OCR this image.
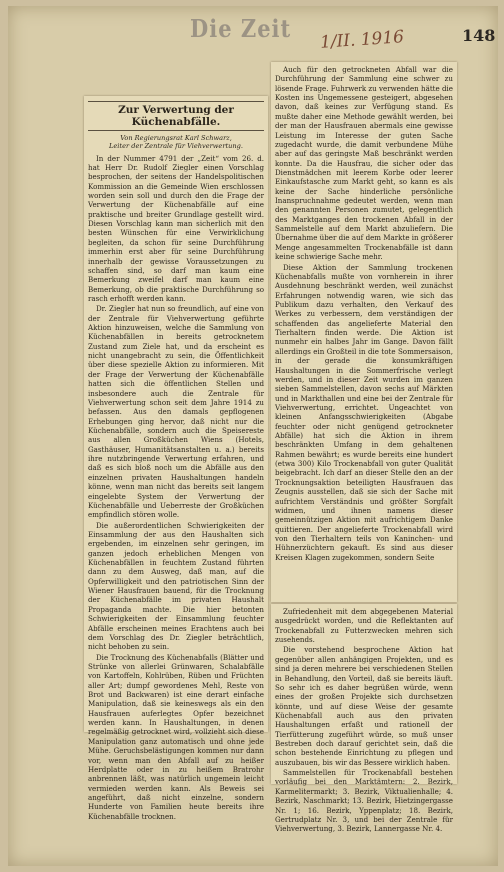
Die Zeit 1/II. 1916	148
Zur Verwertung der Küchenabfälle.
Von Regierungsrat Karl Schwarz,
Leiter der Zentrale für Viehverwertung.

In der Nummer 4791 der „Zeit“ vom 26. d. hat Herr Dr. Rudolf Ziegler einen Vorschlag besprochen, der seitens der Handelspolitischen Kommission an die Gemeinde Wien erschlossen worden sein soll und durch den die Frage der Verwertung der Küchenabfälle auf eine praktische und breiter Grundlage gestellt wird. Diesen Vorschlag kann man sicherlich mit den besten Wünschen für eine Verwirklichung begleiten, da schon für seine Durchführung immerhin erst aber für seine Durchführung innerhalb der gewisse Voraussetzungen zu schaffen sind, so darf man kaum eine Bemerkung zweifel darf man kaum eine Bemerkung, ob die praktische Durchführung so rasch erhofft werden kann.

Dr. Ziegler hat nun so freundlich, auf eine von der Zentrale für Viehverwertung geführte Aktion hinzuweisen, welche die Sammlung von Küchenabfällen in bereits getrocknetem Zustand zum Ziele hat, und da erscheint es nicht unangebracht zu sein, die Öffentlichkeit über diese spezielle Aktion zu informieren. Mit der Frage der Verwertung der Küchenabfälle hatten sich die öffentlichen Stellen und insbesondere auch die Zentrale für Viehverwertung schon seit dem Jahre 1914 zu befassen. Aus den damals gepflogenen Erhebungen ging hervor, daß nicht nur die Küchenabfälle, sondern auch die Speisereste aus allen Großküchen Wiens (Hotels, Gasthäuser, Humanitätsanstalten u. a.) bereits ihre nutzbringende Verwertung erfahren, und daß es sich bloß noch um die Abfälle aus den einzelnen privaten Haushaltungen handeln könne, wenn man nicht das bereits seit langem eingelebte System der Verwertung der Küchenabfälle und Ueberreste der Großküchen empfindlich stören wolle.

Die außerordentlichen Schwierigkeiten der Einsammlung der aus den Haushalten sich ergebenden, im einzelnen sehr geringen, im ganzen jedoch erheblichen Mengen von Küchenabfällen in feuchtem Zustand führten dann zu dem Ausweg, daß man, auf die Opferwilligkeit und den patriotischen Sinn der Wiener Hausfrauen bauend, für die Trocknung der Küchenabfälle im privaten Haushalt Propaganda machte. Die hier betonten Schwierigkeiten der Einsammlung feuchter Abfälle erscheinen meines Erachtens auch bei dem Vorschlag des Dr. Ziegler beträchtlich, nicht behoben zu sein.

Die Trocknung des Küchenabfalls (Blätter und Strünke von allerlei Grünwaren, Schalabfälle von Kartoffeln, Kohlrüben, Rüben und Früchten aller Art; dumpf gewordenes Mehl, Reste von Brot und Backwaren) ist eine derart einfache Manipulation, daß sie keineswegs als ein den Hausfrauen auferlegtes Opfer bezeichnet werden kann. In Haushaltungen, in denen regelmäßig getrocknet wird, vollzieht sich diese Manipulation ganz automatisch und ohne jede Mühe. Geruchsbelästigungen kommen nur dann vor, wenn man den Abfall auf zu heißer Herdplatte oder in zu heißem Bratrohr anbrennen läßt, was natürlich ungemein leicht vermieden werden kann. Als Beweis sei angeführt, daß nicht einzelne, sondern Hunderte von Familien heute bereits ihre Küchenabfälle trocknen.

Auch für den getrockneten Abfall war die Durchführung der Sammlung eine schwer zu lösende Frage. Fuhrwerk zu verwenden hätte die Kosten ins Ungemessene gesteigert, abgesehen davon, daß keines zur Verfügung stand. Es mußte daher eine Methode gewählt werden, bei der man der Hausfrauen abermals eine gewisse Leistung im Interesse der guten Sache zugedacht wurde, die damit verbundene Mühe aber auf das geringste Maß beschränkt werden konnte. Da die Hausfrau, die sicher oder das Dienstmädchen mit leerem Korbe oder leerer Einkaufstasche zum Markt geht, so kann es als keine der Sache hinderliche persönliche Inanspruchnahme gedeutet werden, wenn man den genannten Personen zumutet, gelegentlich des Marktganges den trockenen Abfall in der Sammelstelle auf dem Markt abzuliefern. Die Übernahme über die auf dem Markte in größerer Menge angesammelten Trockenabfälle ist dann keine schwierige Sache mehr.

Diese Aktion der Sammlung trockenen Küchenabfalls mußte von vornherein in ihrer Ausdehnung beschränkt werden, weil zunächst Erfahrungen notwendig waren, wie sich das Publikum dazu verhalten, den Verkauf des Werkes zu verbessern, dem verständigen der schaffenden das angelieferte Material den Tierhaltern finden werde. Die Aktion ist nunmehr ein halbes Jahr im Gange. Davon fällt allerdings ein Großteil in die tote Sommersaison, in der gerade die konsumkräftigen Haushaltungen in die Sommerfrische verlegt werden, und in dieser Zeit wurden im ganzen sieben Sammelstellen, davon sechs auf Märkten und in Markthallen und eine bei der Zentrale für Viehverwertung, errichtet. Ungeachtet von kleinen Anfangsschwierigkeiten (Abgabe feuchter oder nicht genügend getrockneter Abfälle) hat sich die Aktion in ihrem beschränkten Umfang in dem gehaltenen Rahmen bewährt; es wurde bereits eine hundert (etwa 300) Kilo Trockenabfall von guter Qualität beigebracht. Ich darf an dieser Stelle den an der Trocknungsaktion beteiligten Hausfrauen das Zeugnis ausstellen, daß sie sich der Sache mit aufrichtem Verständnis und größter Sorgfalt widmen, und ihnen namens dieser gemeinnützigen Aktion mit aufrichtigem Danke quittieren. Der angelieferte Trockenabfall wird von den Tierhaltern teils von Kaninchen- und Hühnerzüchtern gekauft. Es sind aus dieser Kreisen Klagen zugekommen, sondern Seite

Zufriedenheit mit dem abgegebenen Material ausgedrückt worden, und die Reflektanten auf Trockenabfall zu Futterzwecken mehren sich zusehends.

Die vorstehend besprochene Aktion hat gegenüber allen anhängigen Projekten, und es sind ja deren mehrere bei verschiedenen Stellen in Behandlung, den Vorteil, daß sie bereits läuft. So sehr ich es daher begrüßen würde, wenn eines der großen Projekte sich durchsetzen könnte, und auf diese Weise der gesamte Küchenabfall auch aus den privaten Haushaltungen erfaßt und rationell der Tierfütterung zugeführt würde, so muß unser Bestreben doch darauf gerichtet sein, daß die schon bestehende Einrichtung zu pflegen und auszubauen, bis wir das Bessere wirklich haben.

Sammelstellen für Trockenabfall bestehen vorläufig bei den Marktämtern: 2. Bezirk, Karmelitermarkt; 3. Bezirk, Viktualienhalle; 4. Bezirk, Naschmarkt; 13. Bezirk, Hietzingergasse Nr. 1; 16. Bezirk, Yppenplatz; 18. Bezirk, Gertrudplatz Nr. 3, und bei der Zentrale für Viehverwertung, 3. Bezirk, Lannergasse Nr. 4.
